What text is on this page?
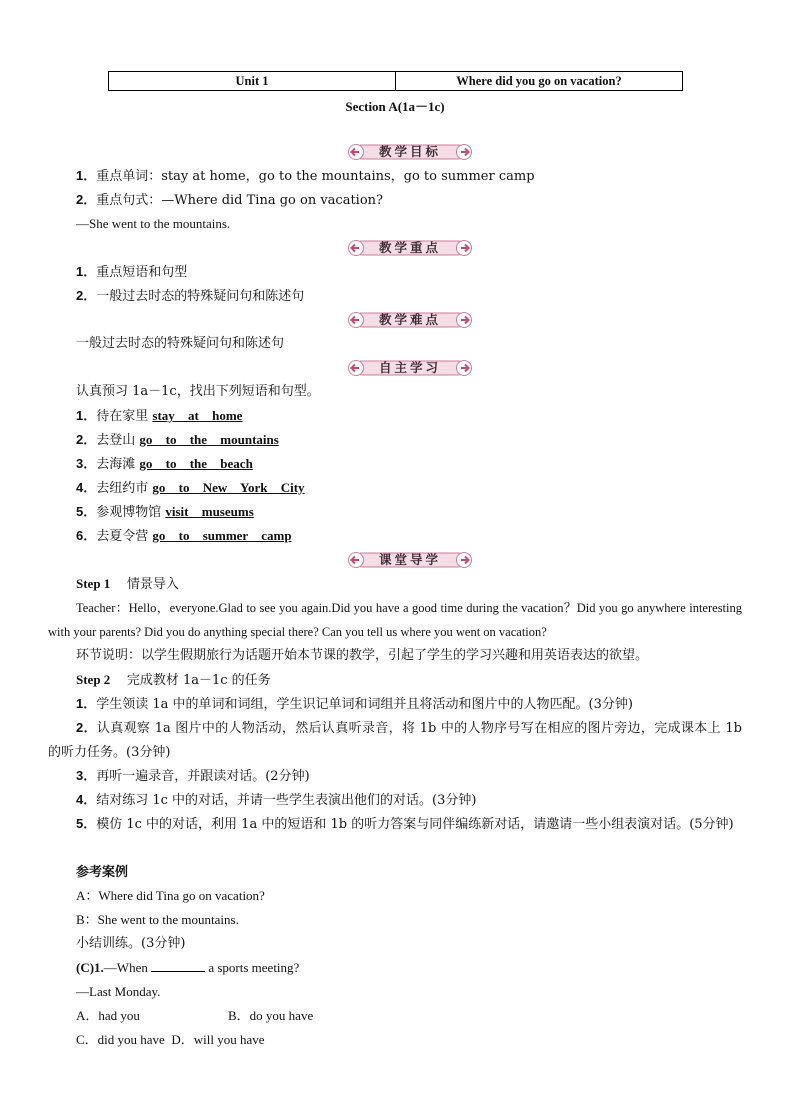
Unit 1	Where did you go on vacation?
Section A(1a－1c)
教学目标
1．重点单词：stay at home，go to the mountains，go to summer camp
2．重点句式：—Where did Tina go on vacation?
—She went to the mountains.
教学重点
1．重点短语和句型
2．一般过去时态的特殊疑问句和陈述句
教学难点
一般过去时态的特殊疑问句和陈述句
自主学习
认真预习 1a－1c，找出下列短语和句型。
1．待在家里 stay at home
2．去登山 go to the mountains
3．去海滩 go to the beach
4．去纽约市 go to New York City
5．参观博物馆 visit museums
6．去夏令营 go to summer camp
课堂导学
Step 1 情景导入
Teacher：Hello，everyone.Glad to see you again.Did you have a good time during the vacation？Did you go anywhere interesting with your parents? Did you do anything special there? Can you tell us where you went on vacation?
环节说明：以学生假期旅行为话题开始本节课的教学，引起了学生的学习兴趣和用英语表达的欲望。
Step 2 完成教材 1a－1c 的任务
1．学生领读 1a 中的单词和词组，学生识记单词和词组并且将活动和图片中的人物匹配。(3分钟)
2．认真观察 1a 图片中的人物活动，然后认真听录音，将 1b 中的人物序号写在相应的图片旁边，完成课本上 1b 的听力任务。(3分钟)
3．再听一遍录音，并跟读对话。(2分钟)
4．结对练习 1c 中的对话，并请一些学生表演出他们的对话。(3分钟)
5．模仿 1c 中的对话，利用 1a 中的短语和 1b 的听力答案与同伴编练新对话，请邀请一些小组表演对话。(5分钟)
参考案例
A：Where did Tina go on vacation?
B：She went to the mountains.
小结训练。(3分钟)
(C)1.—When	a sports meeting?
—Last Monday.
A．had you	B．do you have
C．did you have D．will you have
